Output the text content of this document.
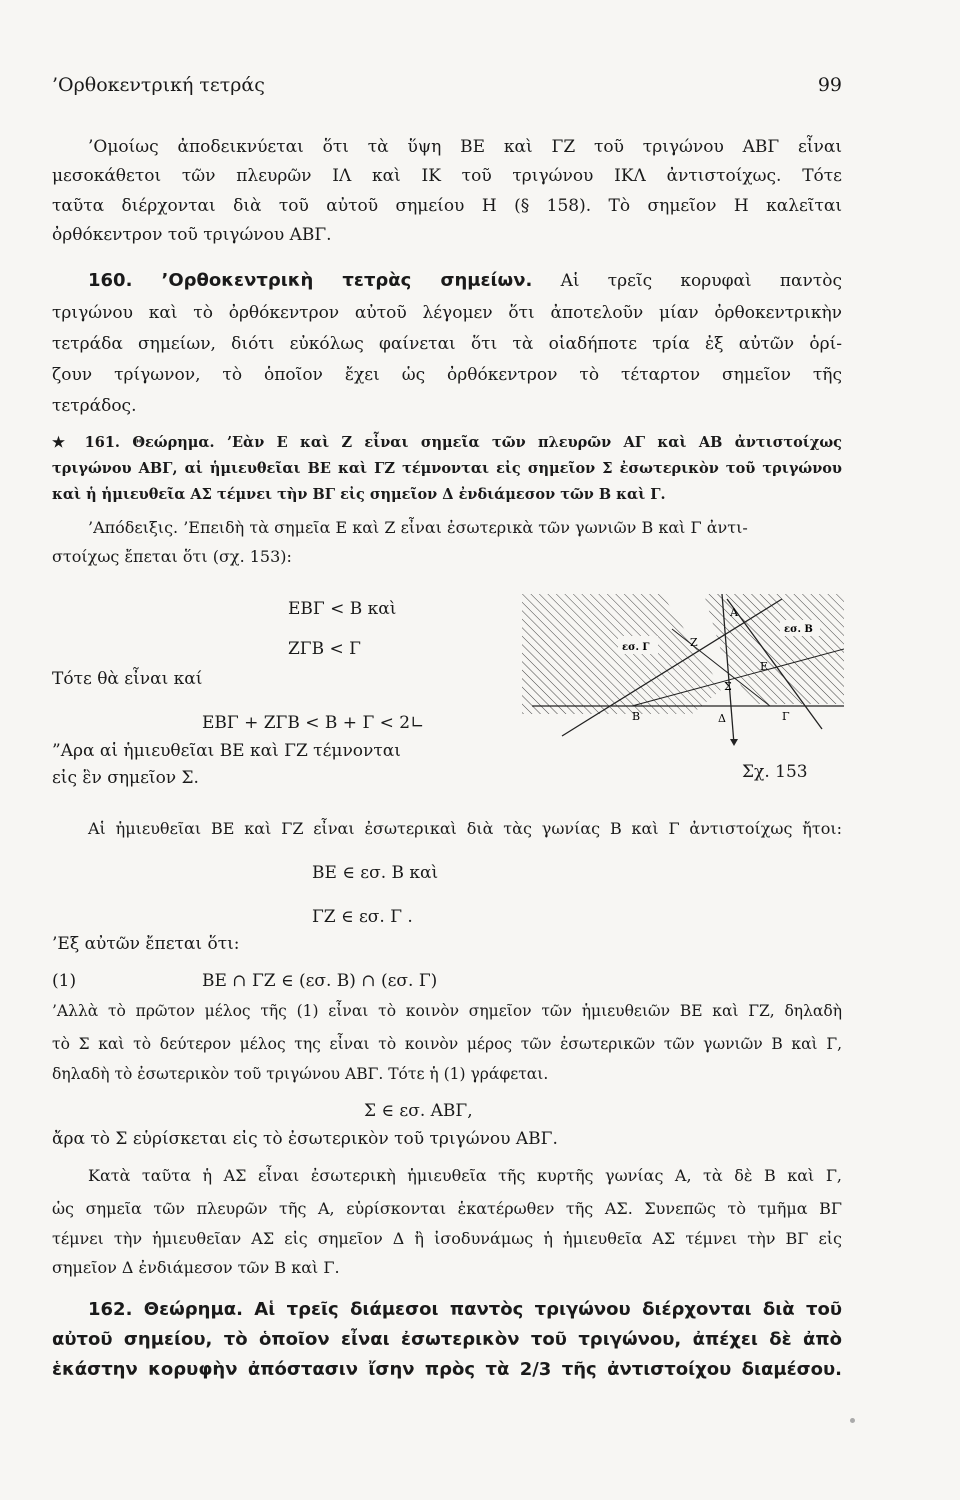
’Ορθοκεντρική τετράς	99
’Ομοίως ἀποδεικνύεται ὅτι τὰ ὕψη ΒΕ καὶ ΓΖ τοῦ τριγώνου ΑΒΓ εἶναι
μεσοκάθετοι τῶν πλευρῶν ΙΛ καὶ ΙΚ τοῦ τριγώνου ΙΚΛ ἀντιστοίχως. Τότε
ταῦτα διέρχονται διὰ τοῦ αὐτοῦ σημείου Η (§ 158). Τὸ σημεῖον Η καλεῖται
ὀρθόκεντρον τοῦ τριγώνου ΑΒΓ.
160. ’Ορθοκεντρικὴ τετρὰς σημείων. Αἱ τρεῖς κορυφαὶ παντὸς
τριγώνου καὶ τὸ ὀρθόκεντρον αὐτοῦ λέγομεν ὅτι ἀποτελοῦν μίαν ὀρθοκεντρικὴν
τετράδα σημείων, διότι εὐκόλως φαίνεται ὅτι τὰ οἱαδήποτε τρία ἐξ αὐτῶν ὁρί-
ζουν τρίγωνον, τὸ ὁποῖον ἔχει ὡς ὀρθόκεντρον τὸ τέταρτον σημεῖον τῆς
τετράδος.
★ 161. Θεώρημα. ’Εὰν Ε καὶ Ζ εἶναι σημεῖα τῶν πλευρῶν ΑΓ καὶ ΑΒ ἀντιστοίχως
τριγώνου ΑΒΓ, αἱ ἡμιευθεῖαι ΒΕ καὶ ΓΖ τέμνονται εἰς σημεῖον Σ ἐσωτερικὸν τοῦ τριγώνου
καὶ ἡ ἡμιευθεῖα ΑΣ τέμνει τὴν ΒΓ εἰς σημεῖον Δ ἐνδιάμεσον τῶν Β καὶ Γ.
’Απόδειξις. ’Επειδὴ τὰ σημεῖα Ε καὶ Ζ εἶναι ἐσωτερικὰ τῶν γωνιῶν Β καὶ Γ ἀντι-
στοίχως ἔπεται ὅτι (σχ. 153):
ΕΒΓ < Β καὶ
ΖΓΒ < Γ
Τότε θὰ εἶναι καί
ΕΒΓ + ΖΓΒ < Β + Γ < 2∟
”Αρα αἱ ἡμιευθεῖαι ΒΕ καὶ ΓΖ τέμνονται
εἰς ἓν σημεῖον Σ.
Α
Β	Γ
Δ
Ε
Ζ
Σ
εσ. Β
εσ. Γ
Σχ. 153
Αἱ ἡμιευθεῖαι ΒΕ καὶ ΓΖ εἶναι ἐσωτερικαὶ διὰ τὰς γωνίας Β καὶ Γ ἀντιστοίχως ἤτοι:
ΒΕ ∈ εσ. Β καὶ
ΓΖ ∈ εσ. Γ .
’Εξ αὐτῶν ἔπεται ὅτι:
(1)	ΒΕ ∩ ΓΖ ∈ (εσ. Β) ∩ (εσ. Γ)
’Αλλὰ τὸ πρῶτον μέλος τῆς (1) εἶναι τὸ κοινὸν σημεῖον τῶν ἡμιευθειῶν ΒΕ καὶ ΓΖ, δηλαδὴ
τὸ Σ καὶ τὸ δεύτερον μέλος της εἶναι τὸ κοινὸν μέρος τῶν ἐσωτερικῶν τῶν γωνιῶν Β καὶ Γ,
δηλαδὴ τὸ ἐσωτερικὸν τοῦ τριγώνου ΑΒΓ. Τότε ἡ (1) γράφεται.
Σ ∈ εσ. ΑΒΓ,
ἄρα τὸ Σ εὑρίσκεται εἰς τὸ ἐσωτερικὸν τοῦ τριγώνου ΑΒΓ.
Κατὰ ταῦτα ἡ ΑΣ εἶναι ἐσωτερικὴ ἡμιευθεῖα τῆς κυρτῆς γωνίας Α, τὰ δὲ Β καὶ Γ,
ὡς σημεῖα τῶν πλευρῶν τῆς Α, εὑρίσκονται ἑκατέρωθεν τῆς ΑΣ. Συνεπῶς τὸ τμῆμα ΒΓ
τέμνει τὴν ἡμιευθεῖαν ΑΣ εἰς σημεῖον Δ ἢ ἰσοδυνάμως ἡ ἡμιευθεῖα ΑΣ τέμνει τὴν ΒΓ εἰς
σημεῖον Δ ἐνδιάμεσον τῶν Β καὶ Γ.
162. Θεώρημα. Αἱ τρεῖς διάμεσοι παντὸς τριγώνου διέρχονται διὰ τοῦ
αὐτοῦ σημείου, τὸ ὁποῖον εἶναι ἐσωτερικὸν τοῦ τριγώνου, ἀπέχει δὲ ἀπὸ
ἑκάστην κορυφὴν ἀπόστασιν ἴσην πρὸς τὰ 2/3 τῆς ἀντιστοίχου διαμέσου.
